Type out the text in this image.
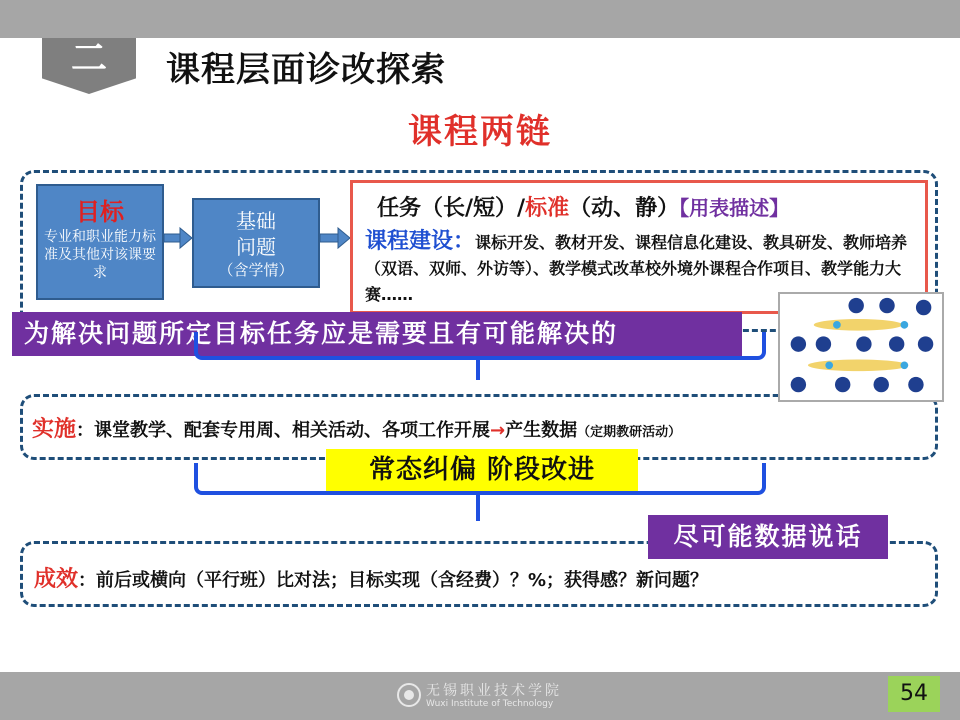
二	课程层面诊改探索
课程两链
目标
专业和职业能力标准及其他对该课要求
基础
问题
（含学情）
任务（长/短）/标准（动、静）【用表描述】
课程建设：课标开发、教材开发、课程信息化建设、教具研发、教师培养（双语、双师、外访等）、教学模式改革校外境外课程合作项目、教学能力大赛……
为解决问题所定目标任务应是需要且有可能解决的
实施：课堂教学、配套专用周、相关活动、各项工作开展→产生数据（定期教研活动）
常态纠偏 阶段改进
尽可能数据说话
成效：前后或横向（平行班）比对法；目标实现（含经费）？%；获得感？新问题？
无锡职业技术学院
Wuxi Institute of Technology	54
